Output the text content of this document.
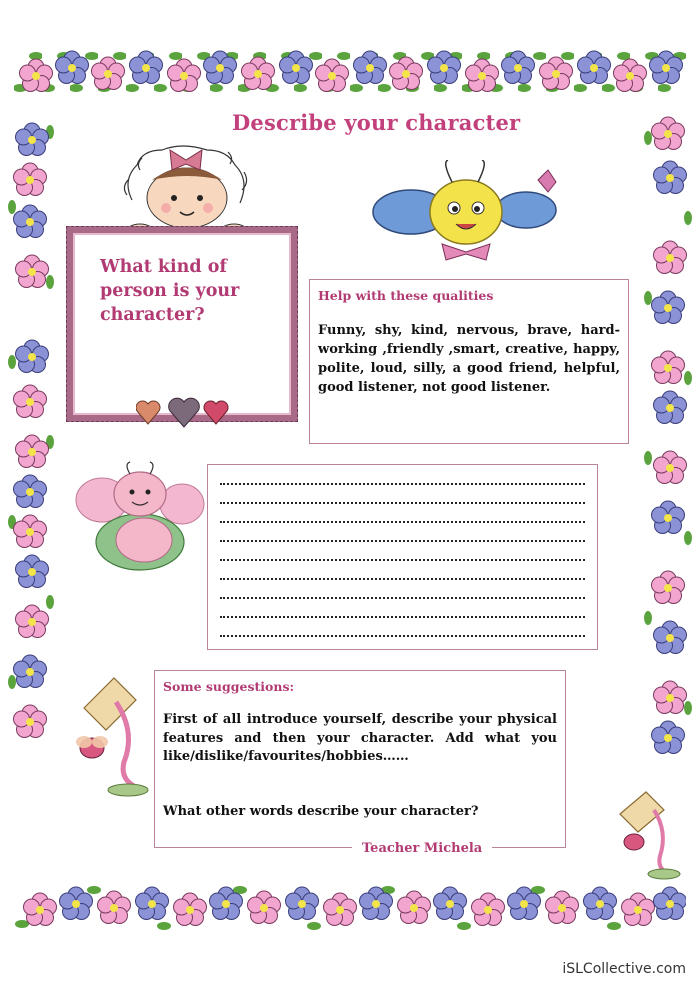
Describe your character
What kind of person is your character?
Help with these qualities
Funny, shy, kind, nervous, brave, hard-working ,friendly ,smart, creative, happy, polite, loud, silly, a good friend, helpful, good listener, not good listener.
Some suggestions:
First of all introduce yourself, describe your physical features and then your character. Add what you like/dislike/favourites/hobbies……
What other words describe your character?
Teacher Michela
iSLCollective.com
